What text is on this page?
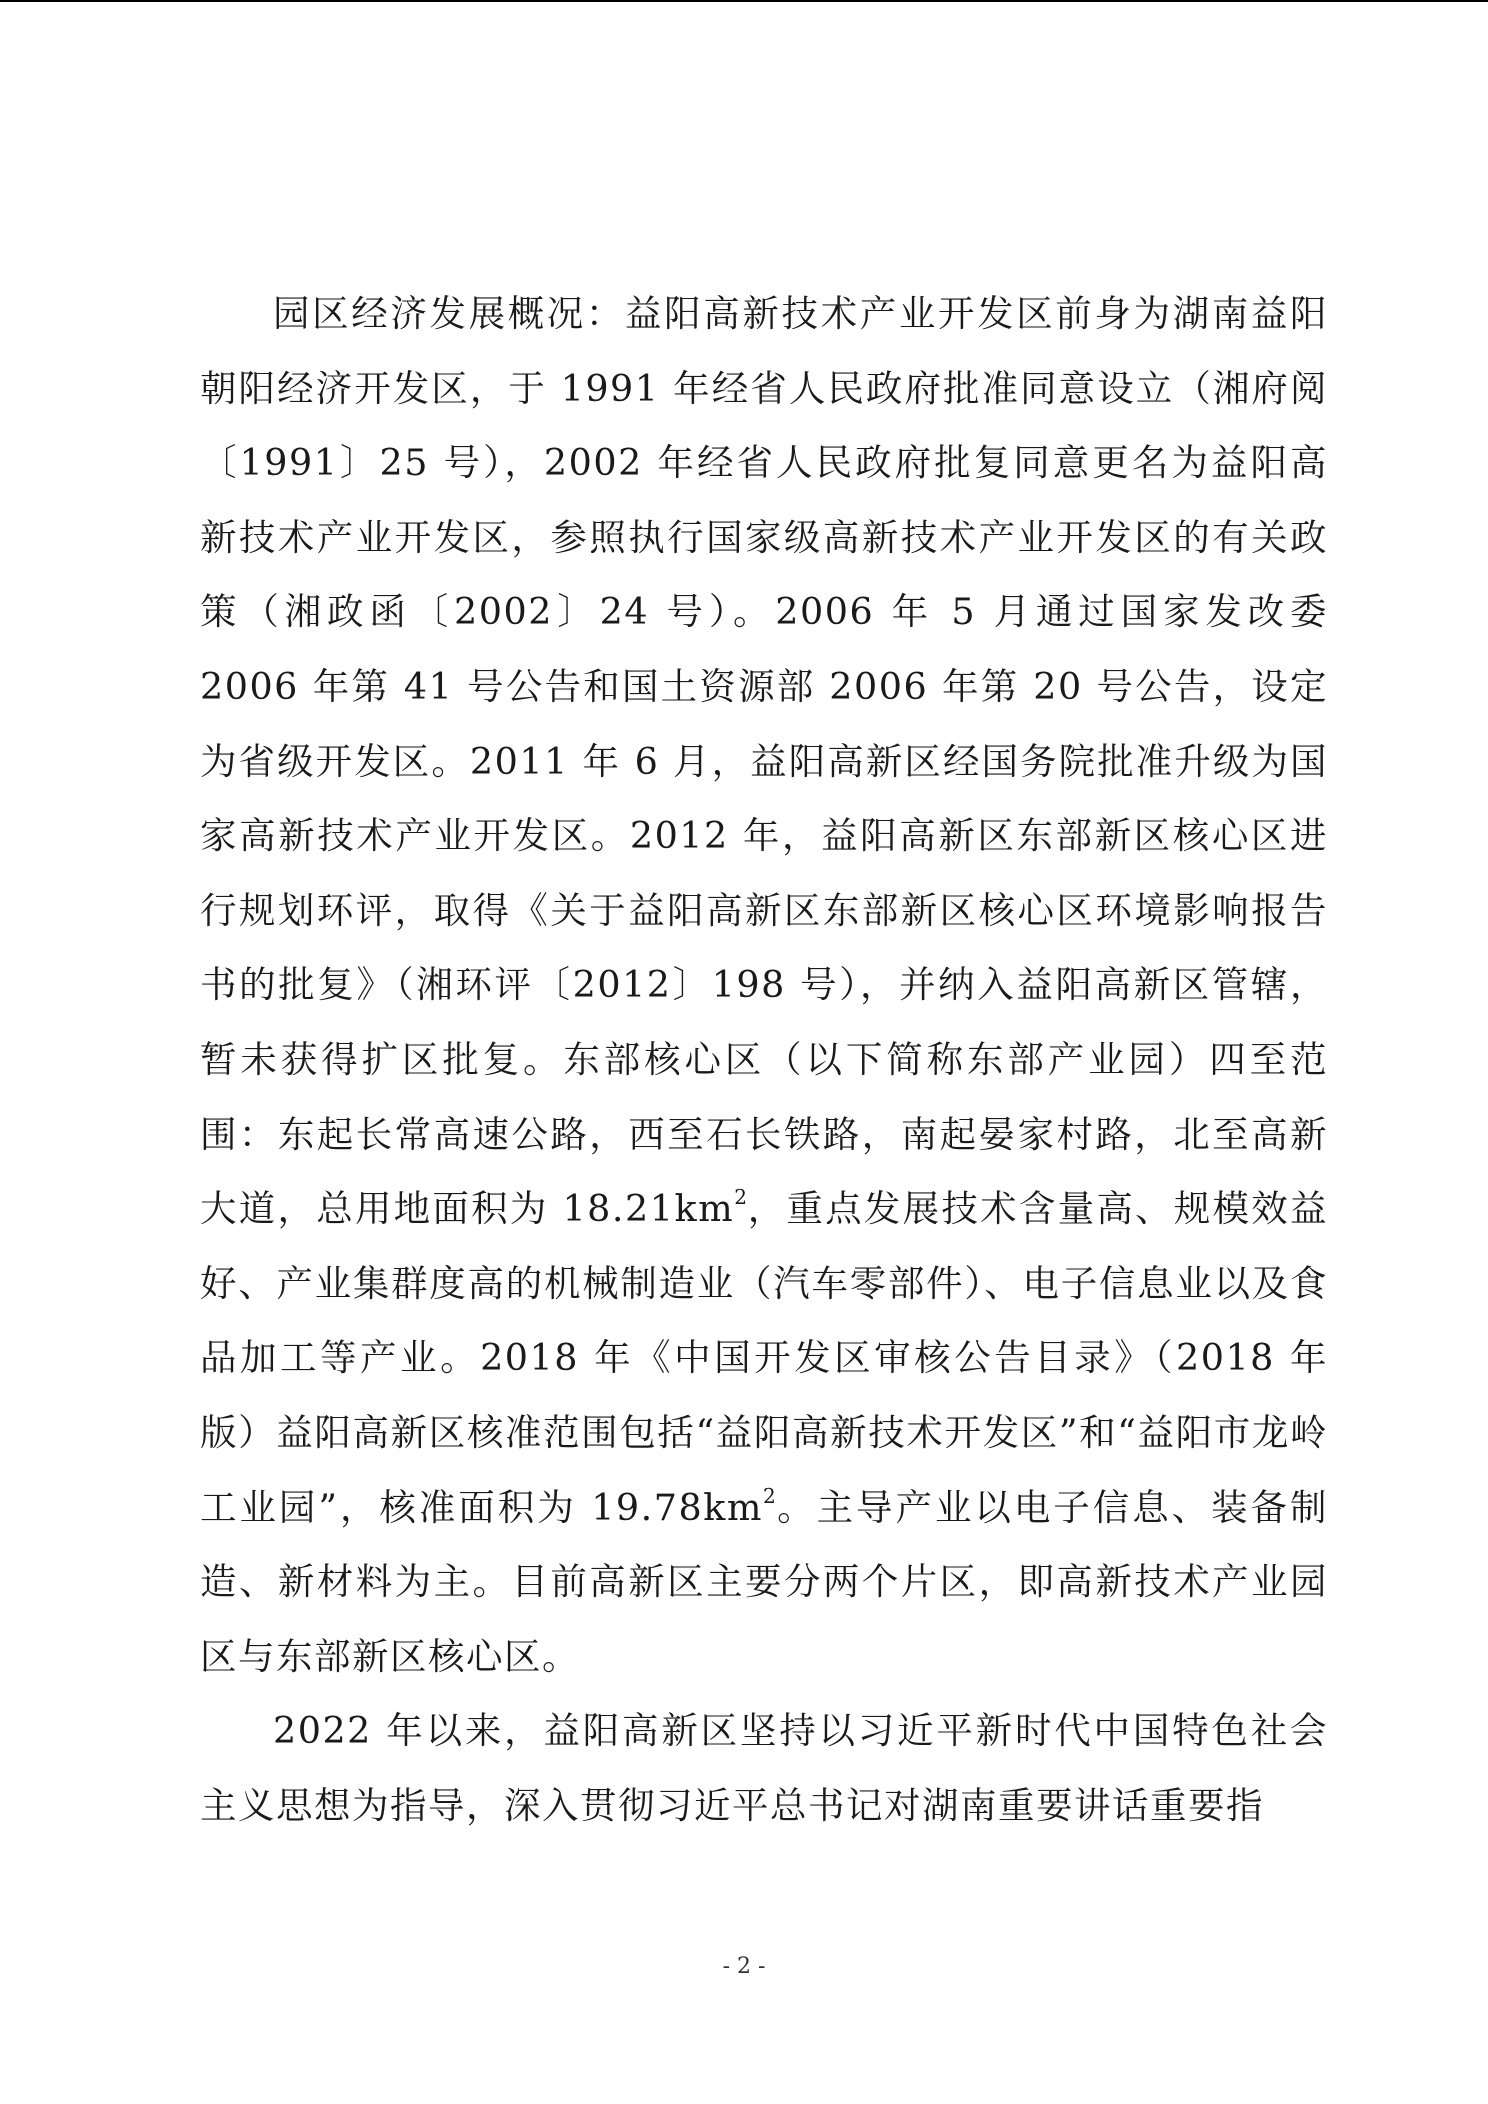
园区经济发展概况：益阳高新技术产业开发区前身为湖南益阳朝阳经济开发区，于 1991 年经省人民政府批准同意设立（湘府阅〔1991〕25 号），2002 年经省人民政府批复同意更名为益阳高新技术产业开发区，参照执行国家级高新技术产业开发区的有关政策（湘政函〔2002〕24 号）。2006 年 5 月通过国家发改委 2006 年第 41 号公告和国土资源部 2006 年第 20 号公告，设定为省级开发区。2011 年 6 月，益阳高新区经国务院批准升级为国家高新技术产业开发区。2012 年，益阳高新区东部新区核心区进行规划环评，取得《关于益阳高新区东部新区核心区环境影响报告书的批复》（湘环评〔2012〕198 号），并纳入益阳高新区管辖，暂未获得扩区批复。东部核心区（以下简称东部产业园）四至范围：东起长常高速公路，西至石长铁路，南起晏家村路，北至高新大道，总用地面积为 $18.21km^2$，重点发展技术含量高、规模效益好、产业集群度高的机械制造业（汽车零部件）、电子信息业以及食品加工等产业。2018 年《中国开发区审核公告目录》（2018 年版）益阳高新区核准范围包括“益阳高新技术开发区”和“益阳市龙岭工业园”，核准面积为 $19.78km^2$。主导产业以电子信息、装备制造、新材料为主。目前高新区主要分两个片区，即高新技术产业园区与东部新区核心区。

2022 年以来，益阳高新区坚持以习近平新时代中国特色社会主义思想为指导，深入贯彻习近平总书记对湖南重要讲话重要指

- 2 -
